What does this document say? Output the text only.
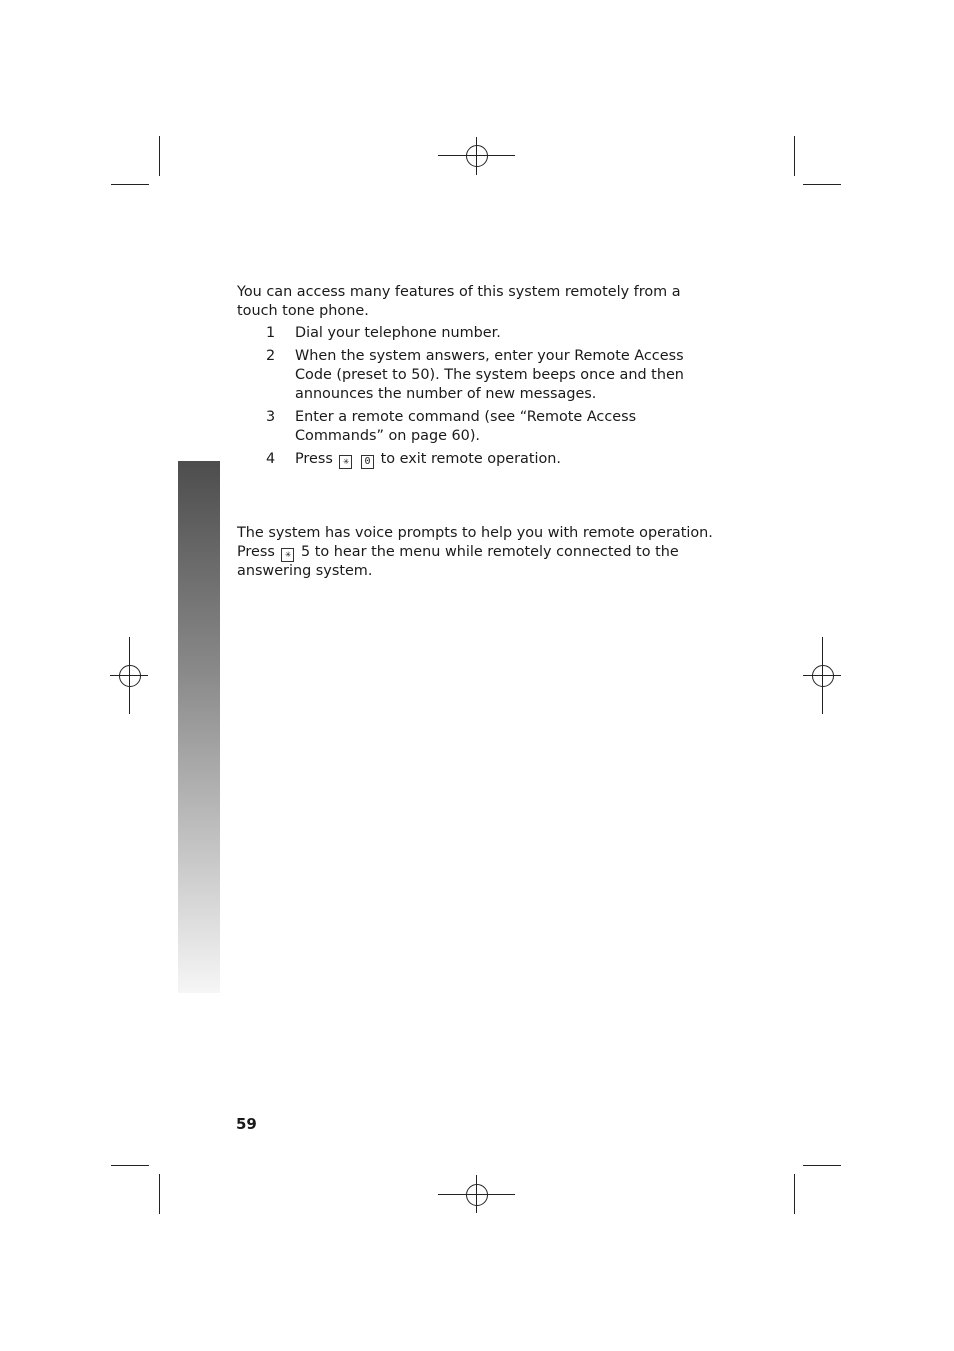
You can access many features of this system remotely from a touch tone phone.
1 Dial your telephone number.
2 When the system answers, enter your Remote Access Code (preset to 50). The system beeps once and then announces the number of new messages.
3 Enter a remote command (see “Remote Access Commands” on page 60).
4 Press ✳ 0 to exit remote operation.
The system has voice prompts to help you with remote operation.
Press ✳ 5 to hear the menu while remotely connected to the answering system.
59
